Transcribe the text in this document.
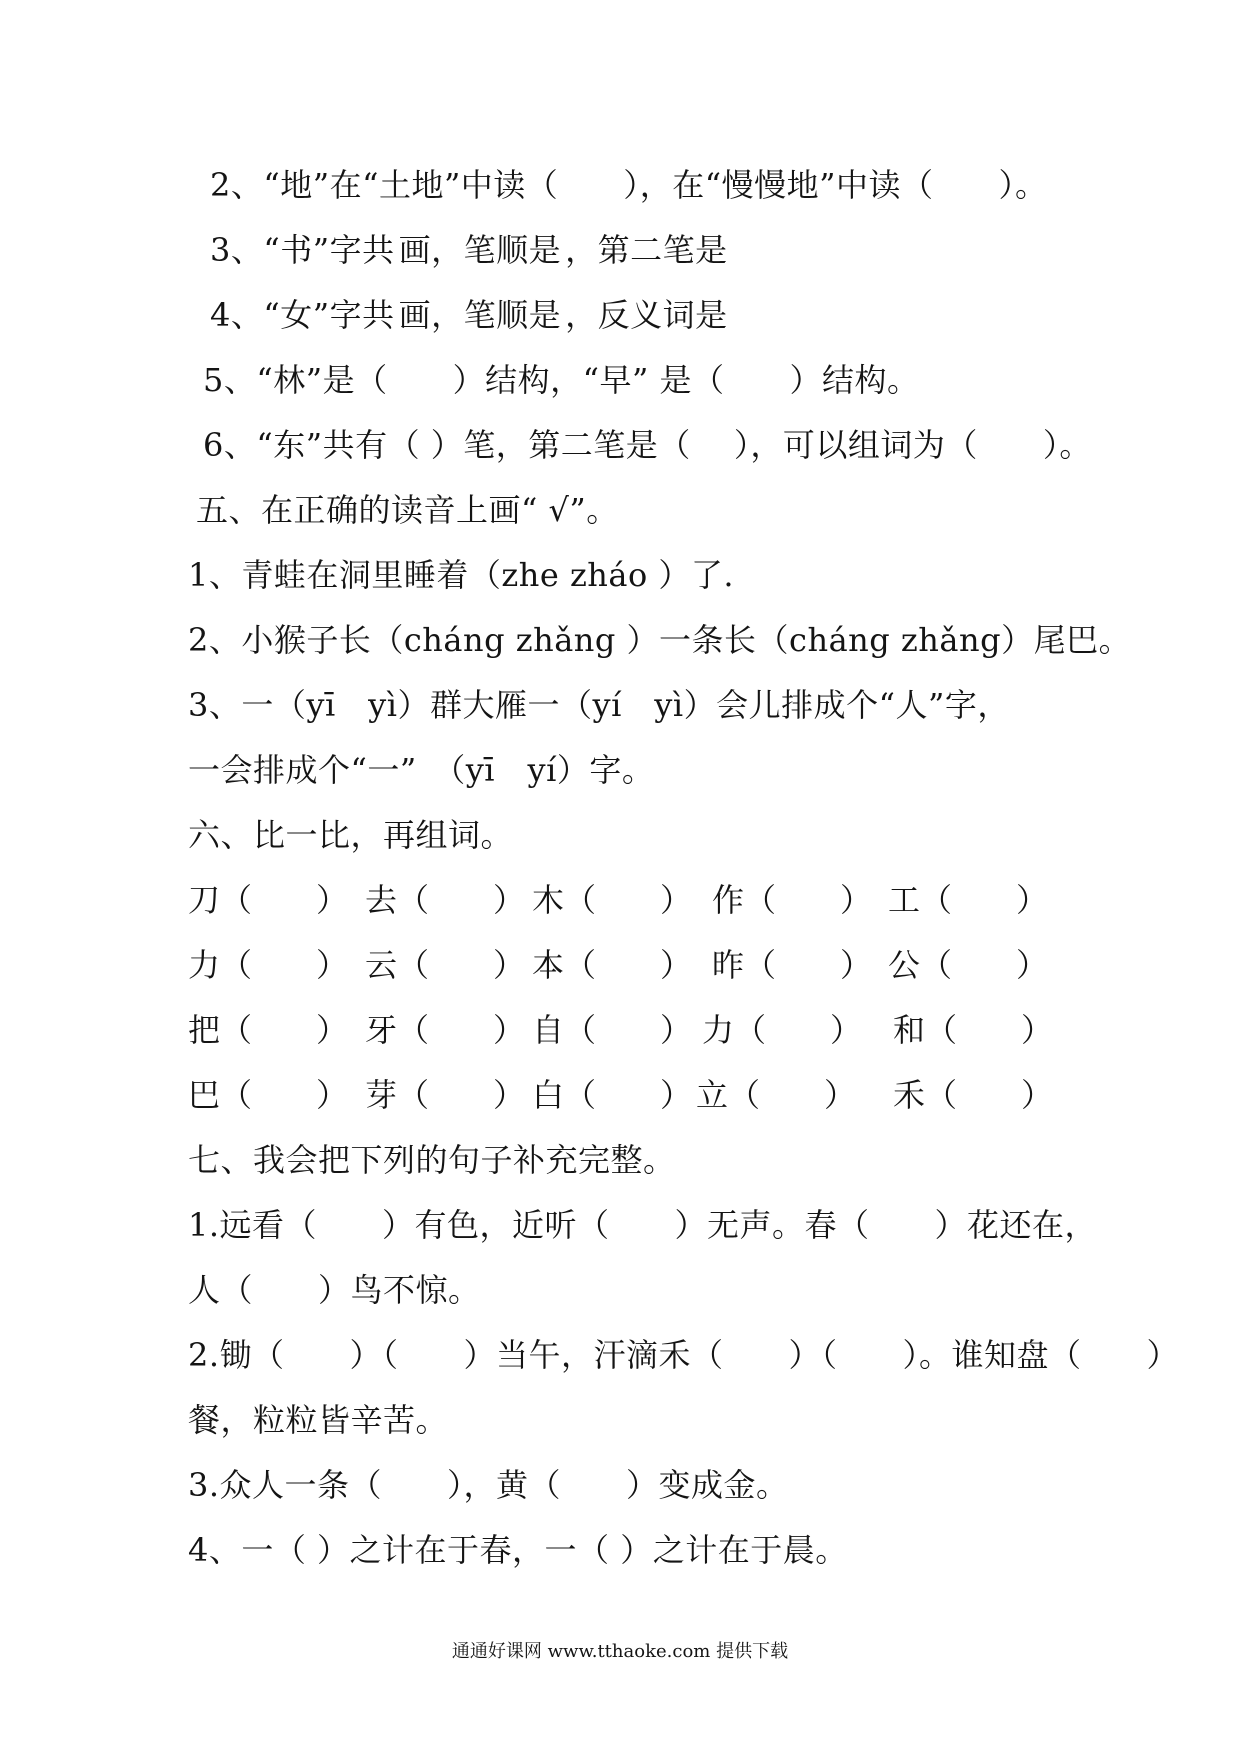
2、“地”在“土地”中读（　　），在“慢慢地”中读（　　）。
3、“书”字共 画，笔顺是 ，第二笔是
4、“女”字共 画，笔顺是 ，反义词是
5、“林”是（　　）结构，“早” 是（　　）结构。
6、“东”共有（ ）笔，第二笔是（　 ），可以组词为（　　）。
五、在正确的读音上画“ √”。
1、青蛙在洞里睡着（zhe zháo ）了.
2、小猴子长（cháng zhǎng ）一条长（cháng zhǎng）尾巴。
3、一（yī　yì）群大雁一（yí　yì）会儿排成个“人”字，
一会排成个“一”　（yī　yí）字。
六、比一比，再组词。
刀（　　） 去（　　） 木（　　） 作（　　） 工（　　）
力（　　） 云（　　） 本（　　） 昨（　　） 公（　　）
把（　　） 牙（　　） 自（　　） 力（　　） 和（　　）
巴（　　） 芽（　　） 白（　　） 立（　　） 禾（　　）
七、我会把下列的句子补充完整。
1.远看（　　）有色，近听（　　）无声。春（　　）花还在，
人（　　）鸟不惊。
2.锄（　　）（　　）当午，汗滴禾（　　）（　　）。谁知盘（　　）
餐，粒粒皆辛苦。
3.众人一条（　　），黄（　　）变成金。
4、一（ ）之计在于春，一（ ）之计在于晨。
通通好课网 www.tthaoke.com 提供下载
